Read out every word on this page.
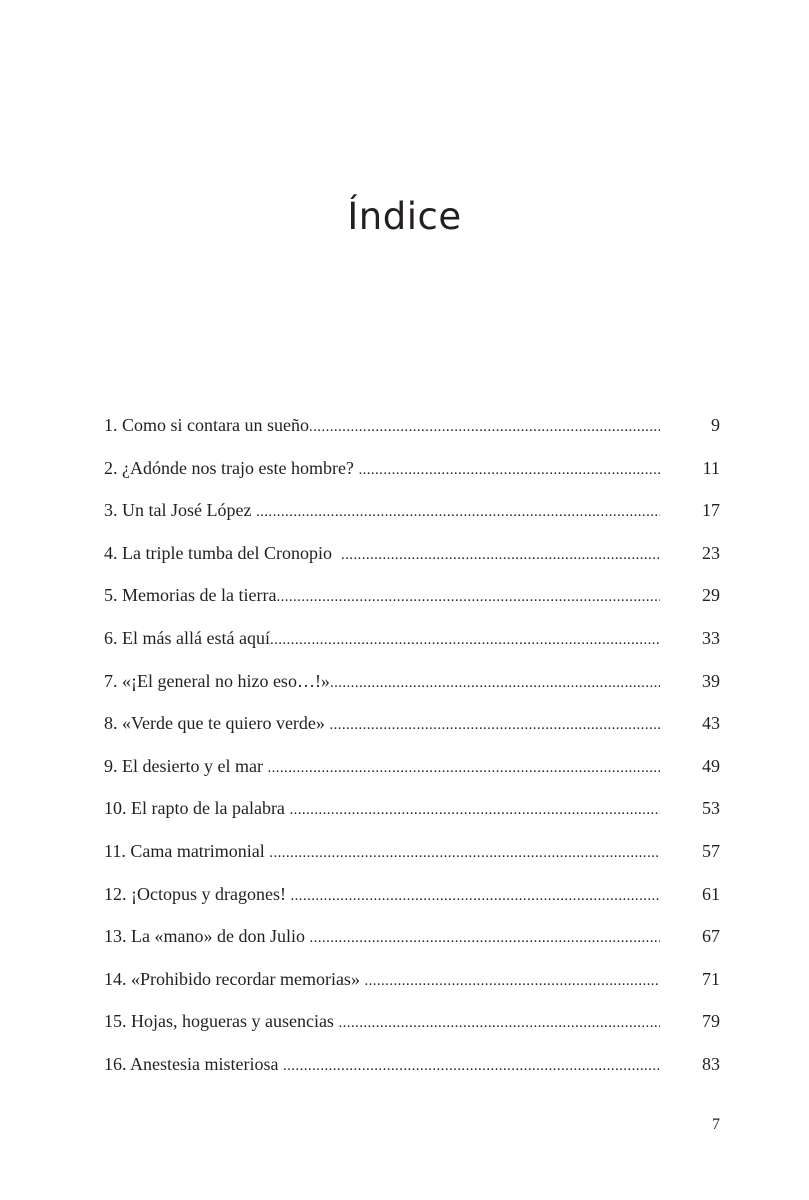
Índice
1. Como si contara un sueño .....	9
2. ¿Adónde nos trajo este hombre? .....	11
3. Un tal José López .....	17
4. La triple tumba del Cronopio .....	23
5. Memorias de la tierra .....	29
6. El más allá está aquí .....	33
7. «¡El general no hizo eso…!» .....	39
8. «Verde que te quiero verde» .....	43
9. El desierto y el mar .....	49
10. El rapto de la palabra .....	53
11. Cama matrimonial .....	57
12. ¡Octopus y dragones! .....	61
13. La «mano» de don Julio .....	67
14. «Prohibido recordar memorias» .....	71
15. Hojas, hogueras y ausencias .....	79
16. Anestesia misteriosa .....	83
7
